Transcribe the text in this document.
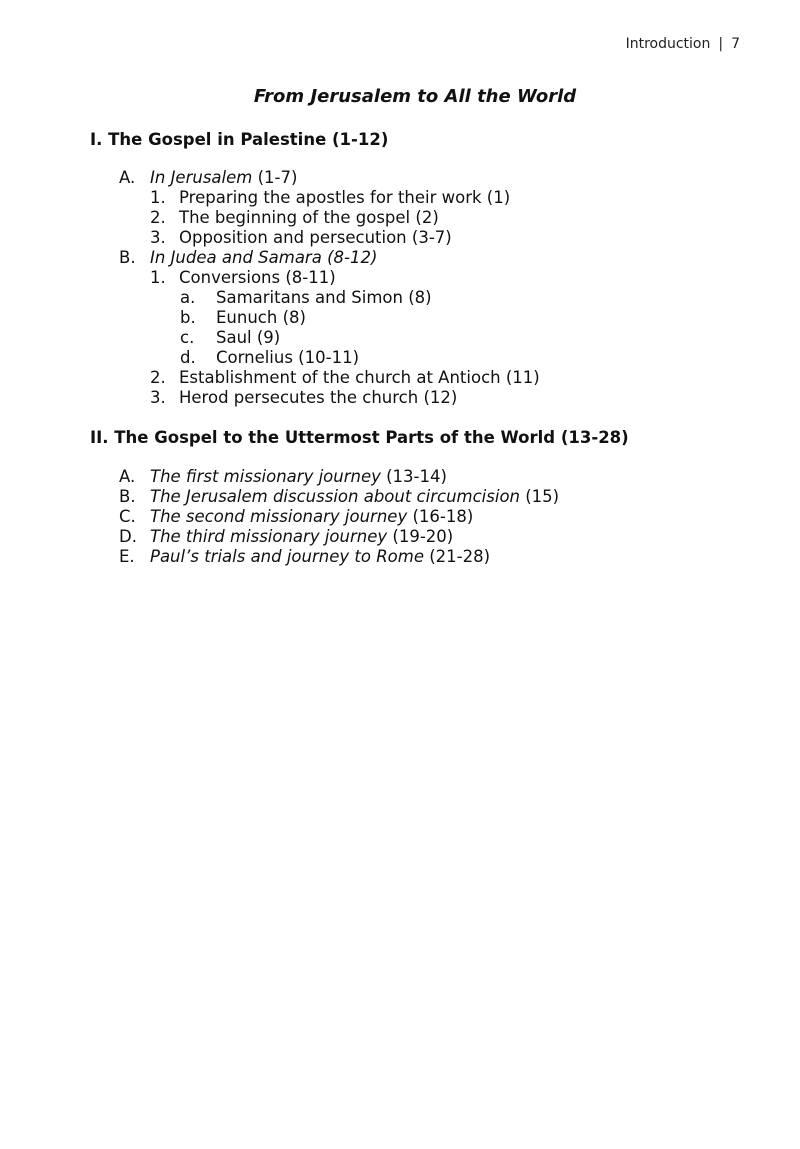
Introduction | 7
From Jerusalem to All the World
I. The Gospel in Palestine (1-12)
A. In Jerusalem (1-7)
1. Preparing the apostles for their work (1)
2. The beginning of the gospel (2)
3. Opposition and persecution (3-7)
B. In Judea and Samara (8-12)
1. Conversions (8-11)
a. Samaritans and Simon (8)
b. Eunuch (8)
c. Saul (9)
d. Cornelius (10-11)
2. Establishment of the church at Antioch (11)
3. Herod persecutes the church (12)
II. The Gospel to the Uttermost Parts of the World (13-28)
A. The first missionary journey (13-14)
B. The Jerusalem discussion about circumcision (15)
C. The second missionary journey (16-18)
D. The third missionary journey (19-20)
E. Paul’s trials and journey to Rome (21-28)
